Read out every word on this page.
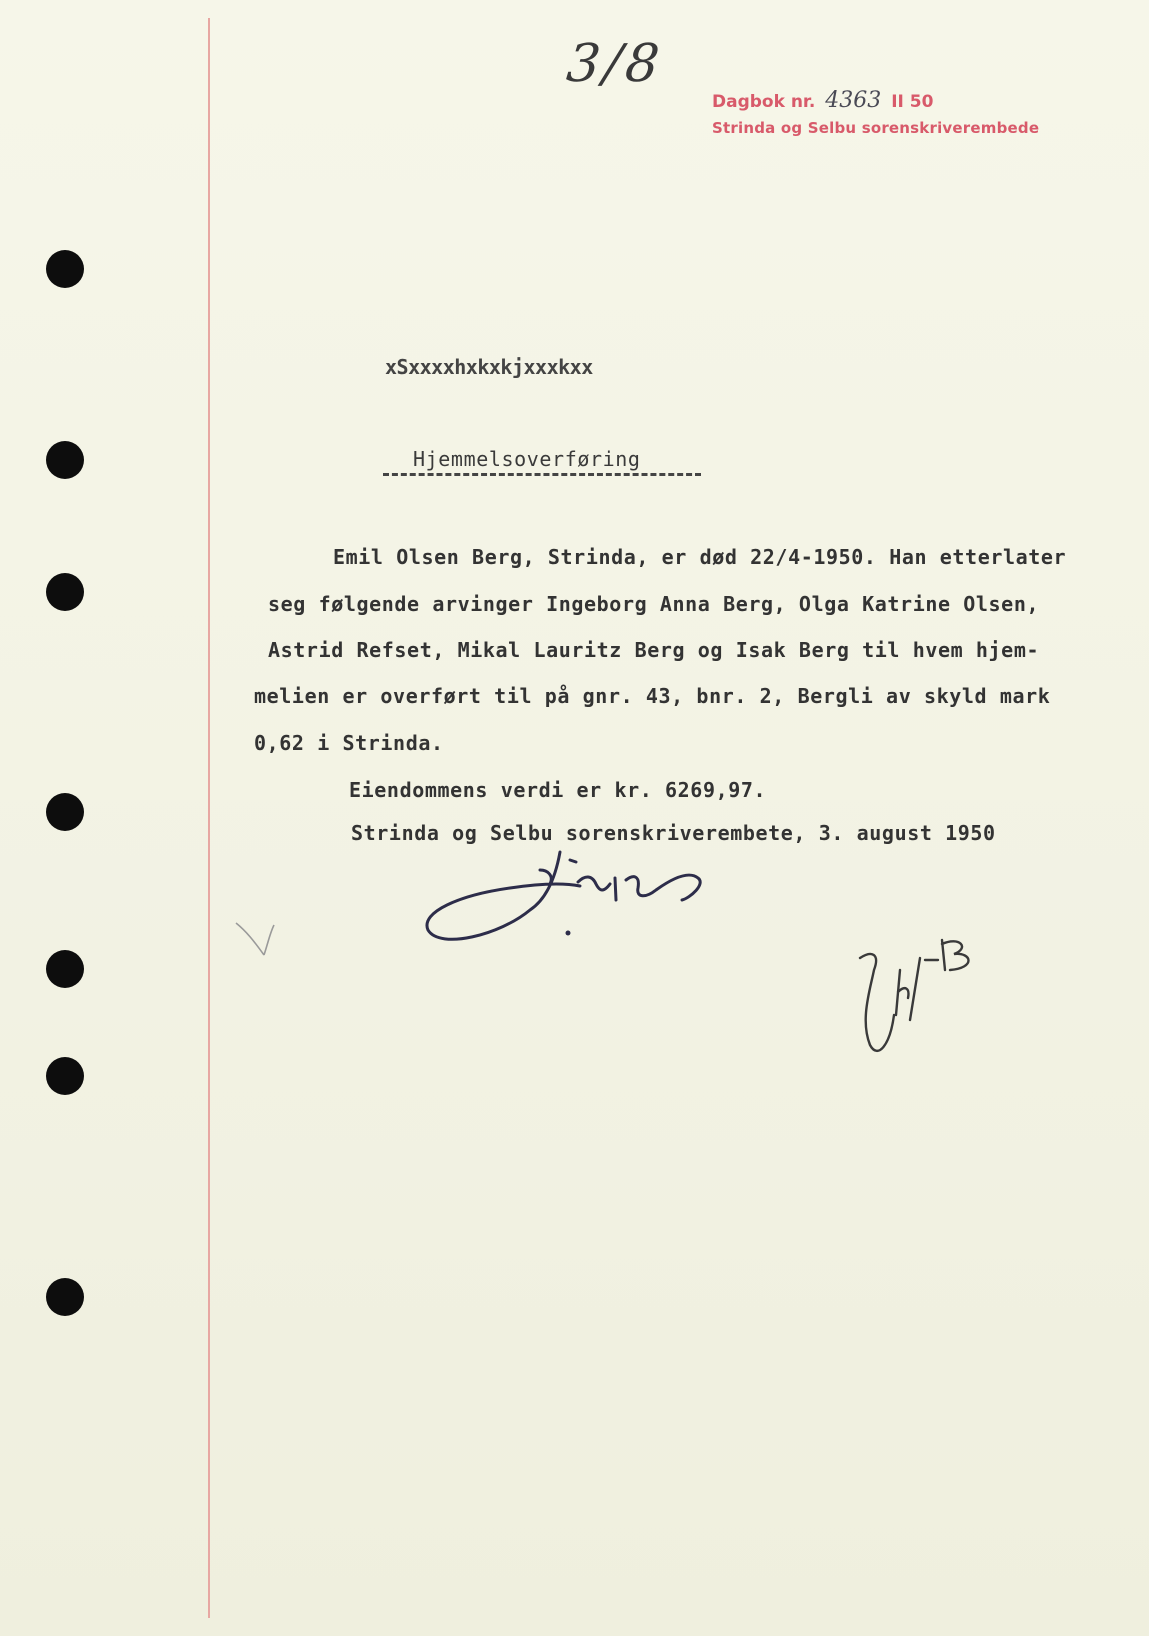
3/8
Dagbok nr. 4363 II 50
Strinda og Selbu sorenskriverembede
xSxxxxhxkxkjxxxkxx
Hjemmelsoverføring
Emil Olsen Berg, Strinda, er død 22/4-1950. Han etterlater
seg følgende arvinger Ingeborg Anna Berg, Olga Katrine Olsen,
Astrid Refset, Mikal Lauritz Berg og Isak Berg til hvem hjem-
melien er overført til på gnr. 43, bnr. 2, Bergli av skyld mark
0,62 i Strinda.
Eiendommens verdi er kr. 6269,97.
Strinda og Selbu sorenskriverembete, 3. august 1950
